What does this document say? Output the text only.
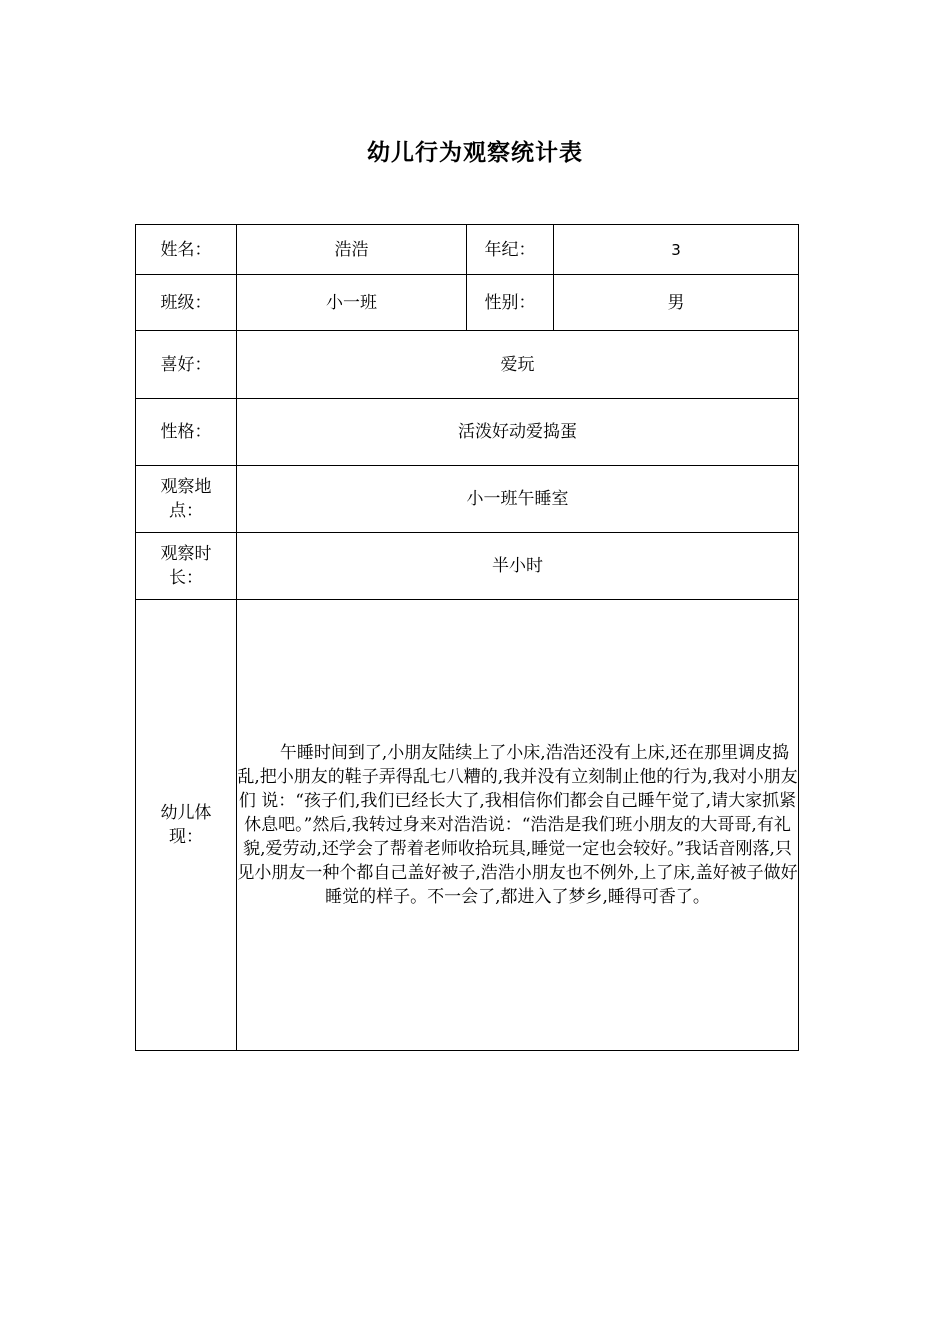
幼儿行为观察统计表
姓名：	浩浩	年纪：	3
班级：	小一班	性别：	男
喜好：	爱玩		
性格：	活泼好动爱捣蛋		
观察地点：	小一班午睡室		
观察时长：	半小时		
幼儿体现：	午睡时间到了,小朋友陆续上了小床,浩浩还没有上床,还在那里调皮捣乱,把小朋友的鞋子弄得乱七八糟的,我并没有立刻制止他的行为,我对小朋友们 说：“孩子们,我们已经长大了,我相信你们都会自己睡午觉了,请大家抓紧休息吧。”然后,我转过身来对浩浩说：“浩浩是我们班小朋友的大哥哥,有礼貌,爱劳动,还学会了帮着老师收拾玩具,睡觉一定也会较好。”我话音刚落,只见小朋友一种个都自己盖好被子,浩浩小朋友也不例外,上了床,盖好被子做好睡觉的样子。不一会了,都进入了梦乡,睡得可香了。		
